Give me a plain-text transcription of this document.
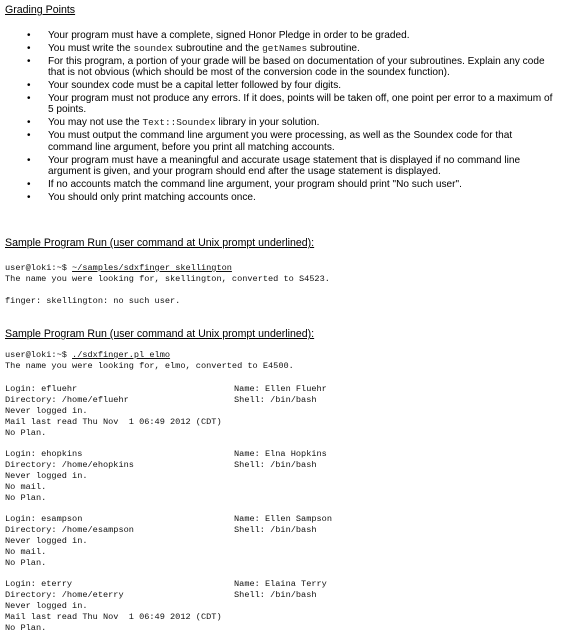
Grading Points
• Your program must have a complete, signed Honor Pledge in order to be graded.
• You must write the soundex subroutine and the getNames subroutine.
• For this program, a portion of your grade will be based on documentation of your subroutines. Explain any code that is not obvious (which should be most of the conversion code in the soundex function).
• Your soundex code must be a capital letter followed by four digits.
• Your program must not produce any errors. If it does, points will be taken off, one point per error to a maximum of 5 points.
• You may not use the Text::Soundex library in your solution.
• You must output the command line argument you were processing, as well as the Soundex code for that command line argument, before you print all matching accounts.
• Your program must have a meaningful and accurate usage statement that is displayed if no command line argument is given, and your program should end after the usage statement is displayed.
• If no accounts match the command line argument, your program should print "No such user".
• You should only print matching accounts once.
Sample Program Run (user command at Unix prompt underlined):
user@loki:~$ ~/samples/sdxfinger skellington
The name you were looking for, skellington, converted to S4523.

finger: skellington: no such user.
Sample Program Run (user command at Unix prompt underlined):
user@loki:~$ ./sdxfinger.pl elmo
The name you were looking for, elmo, converted to E4500.
Login: efluehr	Name: Ellen Fluehr
Directory: /home/efluehr	Shell: /bin/bash
Never logged in.
Mail last read Thu Nov  1 06:49 2012 (CDT)
No Plan.
Login: ehopkins	Name: Elna Hopkins
Directory: /home/ehopkins	Shell: /bin/bash
Never logged in.
No mail.
No Plan.
Login: esampson	Name: Ellen Sampson
Directory: /home/esampson	Shell: /bin/bash
Never logged in.
No mail.
No Plan.
Login: eterry	Name: Elaina Terry
Directory: /home/eterry	Shell: /bin/bash
Never logged in.
Mail last read Thu Nov  1 06:49 2012 (CDT)
No Plan.
